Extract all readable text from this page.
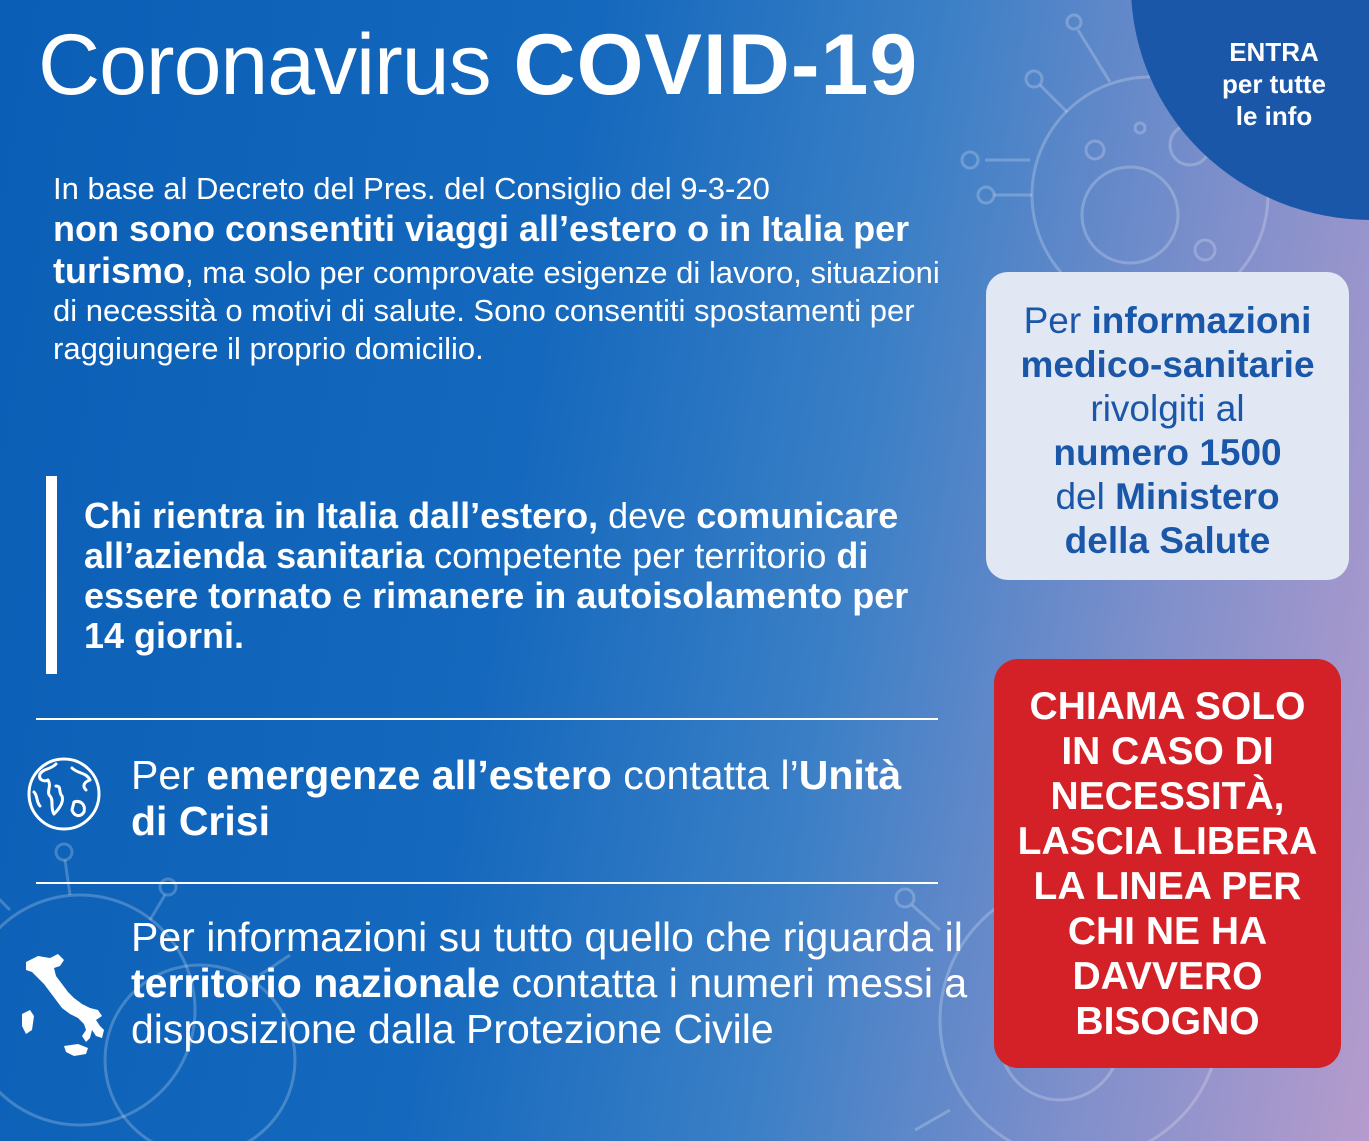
Coronavirus COVID-19	ENTRA
per tutte
le info

In base al Decreto del Pres. del Consiglio del 9-3-20
non sono consentiti viaggi all’estero o in Italia per turismo, ma solo per comprovate esigenze di lavoro, situazioni di necessità o motivi di salute. Sono consentiti spostamenti per raggiungere il proprio domicilio.

Chi rientra in Italia dall’estero, deve comunicare all’azienda sanitaria competente per territorio di essere tornato e rimanere in autoisolamento per 14 giorni.

Per emergenze all’estero contatta l’Unità di Crisi

Per informazioni su tutto quello che riguarda il territorio nazionale contatta i numeri messi a disposizione dalla Protezione Civile

Per informazioni
medico-sanitarie
rivolgiti al
numero 1500
del Ministero
della Salute
CHIAMA SOLO
IN CASO DI
NECESSITÀ,
LASCIA LIBERA
LA LINEA PER
CHI NE HA
DAVVERO
BISOGNO
